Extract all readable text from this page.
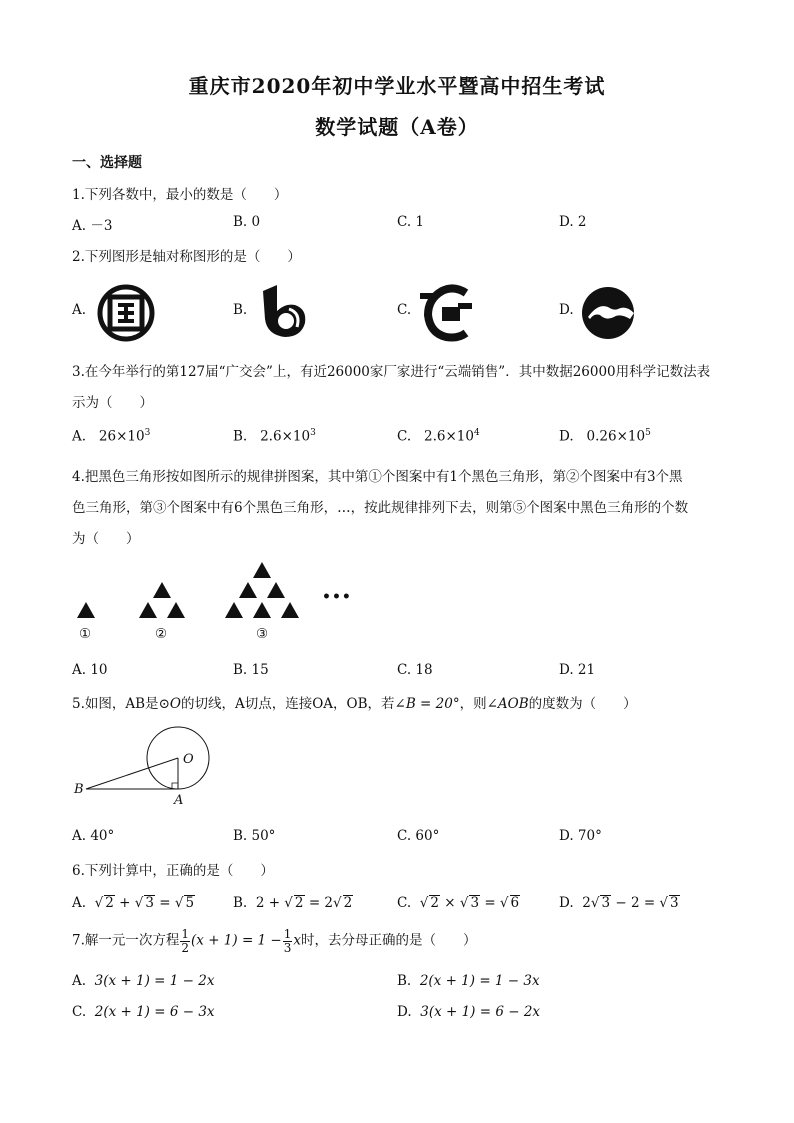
重庆市2020年初中学业水平暨高中招生考试
数学试题（A卷）
一、选择题
1.下列各数中，最小的数是（　　）
A. －3	B. 0	C. 1	D. 2
2.下列图形是轴对称图形的是（　　）
A.	B.	C.	D.
3.在今年举行的第127届“广交会”上，有近26000家厂家进行“云端销售”．其中数据26000用科学记数法表
示为（　　）
A. $26\times 10^3$	B. $2.6\times 10^3$	C. $2.6\times 10^4$	D. $0.26\times 10^5$
4.把黑色三角形按如图所示的规律拼图案，其中第①个图案中有1个黑色三角形，第②个图案中有3个黑
色三角形，第③个图案中有6个黑色三角形，…，按此规律排列下去，则第⑤个图案中黑色三角形的个数
为（　　）
①	②	③
•••
A. 10	B. 15	C. 18	D. 21
5.如图，AB是⊙O的切线，A切点，连接OA，OB，若∠B = 20°，则∠AOB的度数为（　　）
O
A
B
A. 40°	B. 50°	C. 60°	D. 70°
6.下列计算中，正确的是（　　）
A.  √ 2 + √ 3 = √ 5	B. 2 + √ 2 = 2√ 2	C.  √ 2 × √ 3 = √ 6	D. 2√ 3 − 2 = √ 3
7.解一元一次方程 $\frac{1}{2} (x + 1) = 1 - \frac{1}{3}$ x时，去分母正确的是（　　）
A. 3(x + 1) = 1 − 2x	B. 2(x + 1) = 1 − 3x
C. 2(x + 1) = 6 − 3x	D. 3(x + 1) = 6 − 2x
